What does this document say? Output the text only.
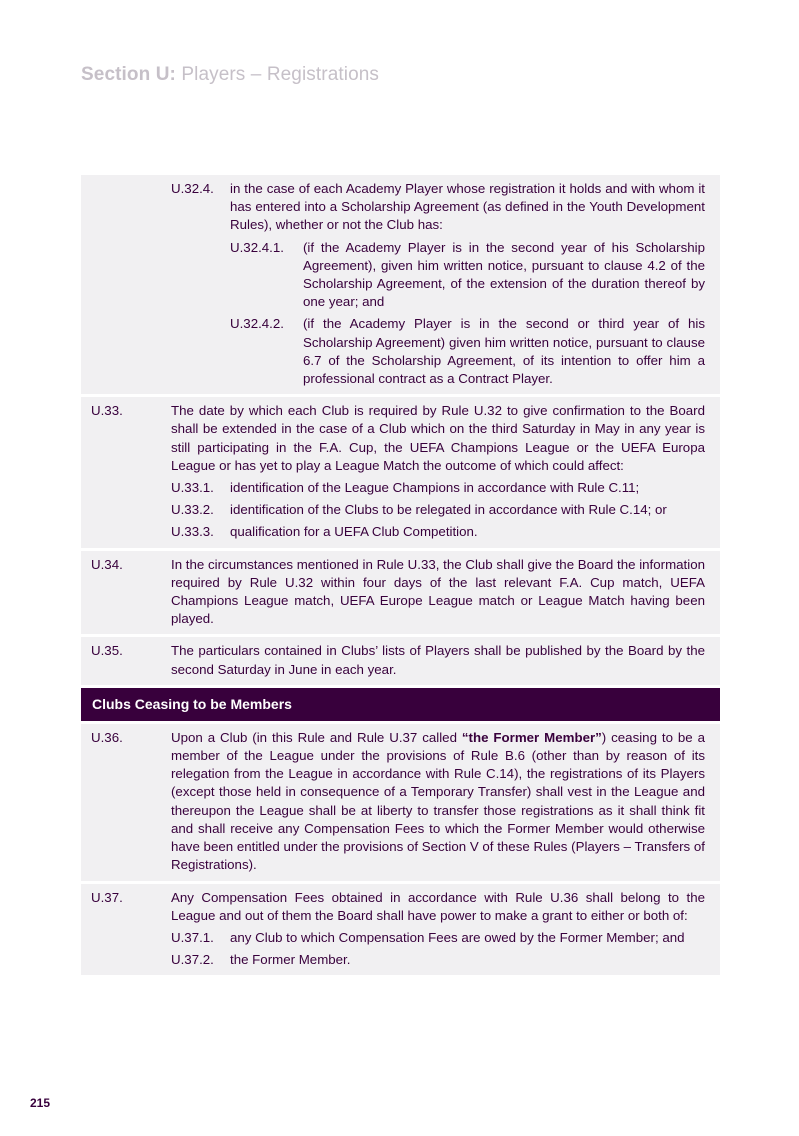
Section U: Players – Registrations
U.32.4.	in the case of each Academy Player whose registration it holds and with whom it has entered into a Scholarship Agreement (as defined in the Youth Development Rules), whether or not the Club has:
U.32.4.1.	(if the Academy Player is in the second year of his Scholarship Agreement), given him written notice, pursuant to clause 4.2 of the Scholarship Agreement, of the extension of the duration thereof by one year; and
U.32.4.2.	(if the Academy Player is in the second or third year of his Scholarship Agreement) given him written notice, pursuant to clause 6.7 of the Scholarship Agreement, of its intention to offer him a professional contract as a Contract Player.
U.33.	The date by which each Club is required by Rule U.32 to give confirmation to the Board shall be extended in the case of a Club which on the third Saturday in May in any year is still participating in the F.A. Cup, the UEFA Champions League or the UEFA Europa League or has yet to play a League Match the outcome of which could affect:
U.33.1.	identification of the League Champions in accordance with Rule C.11;
U.33.2.	identification of the Clubs to be relegated in accordance with Rule C.14; or
U.33.3.	qualification for a UEFA Club Competition.
U.34.	In the circumstances mentioned in Rule U.33, the Club shall give the Board the information required by Rule U.32 within four days of the last relevant F.A. Cup match, UEFA Champions League match, UEFA Europe League match or League Match having been played.
U.35.	The particulars contained in Clubs’ lists of Players shall be published by the Board by the second Saturday in June in each year.
Clubs Ceasing to be Members
U.36.	Upon a Club (in this Rule and Rule U.37 called “the Former Member”) ceasing to be a member of the League under the provisions of Rule B.6 (other than by reason of its relegation from the League in accordance with Rule C.14), the registrations of its Players (except those held in consequence of a Temporary Transfer) shall vest in the League and thereupon the League shall be at liberty to transfer those registrations as it shall think fit and shall receive any Compensation Fees to which the Former Member would otherwise have been entitled under the provisions of Section V of these Rules (Players – Transfers of Registrations).
U.37.	Any Compensation Fees obtained in accordance with Rule U.36 shall belong to the League and out of them the Board shall have power to make a grant to either or both of:
U.37.1.	any Club to which Compensation Fees are owed by the Former Member; and
U.37.2.	the Former Member.
215
